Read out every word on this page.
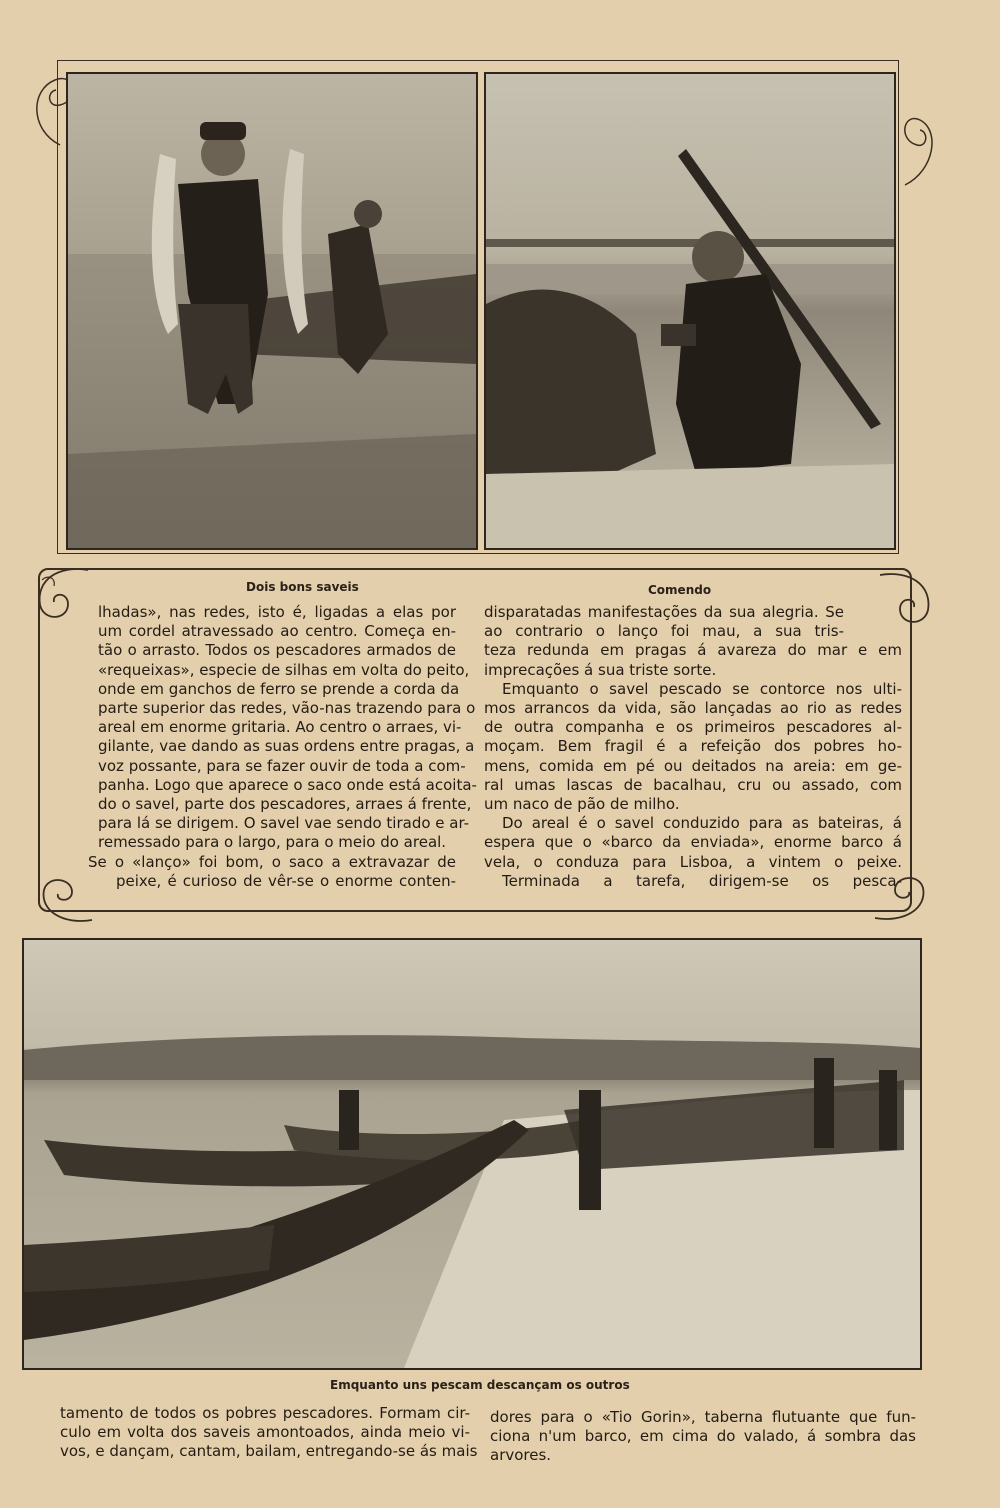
Dois bons saveis	Comendo
lhadas», nas redes, isto é, ligadas a elas por
um cordel atravessado ao centro. Começa en-
tão o arrasto. Todos os pescadores armados de
«requeixas», especie de silhas em volta do peito,
onde em ganchos de ferro se prende a corda da
parte superior das redes, vão-nas trazendo para o
areal em enorme gritaria. Ao centro o arraes, vi-
gilante, vae dando as suas ordens entre pragas, a
voz possante, para se fazer ouvir de toda a com-
panha. Logo que aparece o saco onde está acoita-
do o savel, parte dos pescadores, arraes á frente,
para lá se dirigem. O savel vae sendo tirado e ar-
remessado para o largo, para o meio do areal.
Se o «lanço» foi bom, o saco a extravazar de
peixe, é curioso de vêr-se o enorme conten-
disparatadas manifestações da sua alegria. Se
ao contrario o lanço foi mau, a sua tris-
teza redunda em pragas á avareza do mar e em
imprecações á sua triste sorte.
Emquanto o savel pescado se contorce nos ulti-
mos arrancos da vida, são lançadas ao rio as redes
de outra companha e os primeiros pescadores al-
moçam. Bem fragil é a refeição dos pobres ho-
mens, comida em pé ou deitados na areia: em ge-
ral umas lascas de bacalhau, cru ou assado, com
um naco de pão de milho.
Do areal é o savel conduzido para as bateiras, á
espera que o «barco da enviada», enorme barco á
vela, o conduza para Lisboa, a vintem o peixe.
Terminada a tarefa, dirigem-se os pesca-
Emquanto uns pescam descançam os outros
tamento de todos os pobres pescadores. Formam cir-
culo em volta dos saveis amontoados, ainda meio vi-
vos, e dançam, cantam, bailam, entregando-se ás mais
dores para o «Tio Gorin», taberna flutuante que fun-
ciona n'um barco, em cima do valado, á sombra das
arvores.
